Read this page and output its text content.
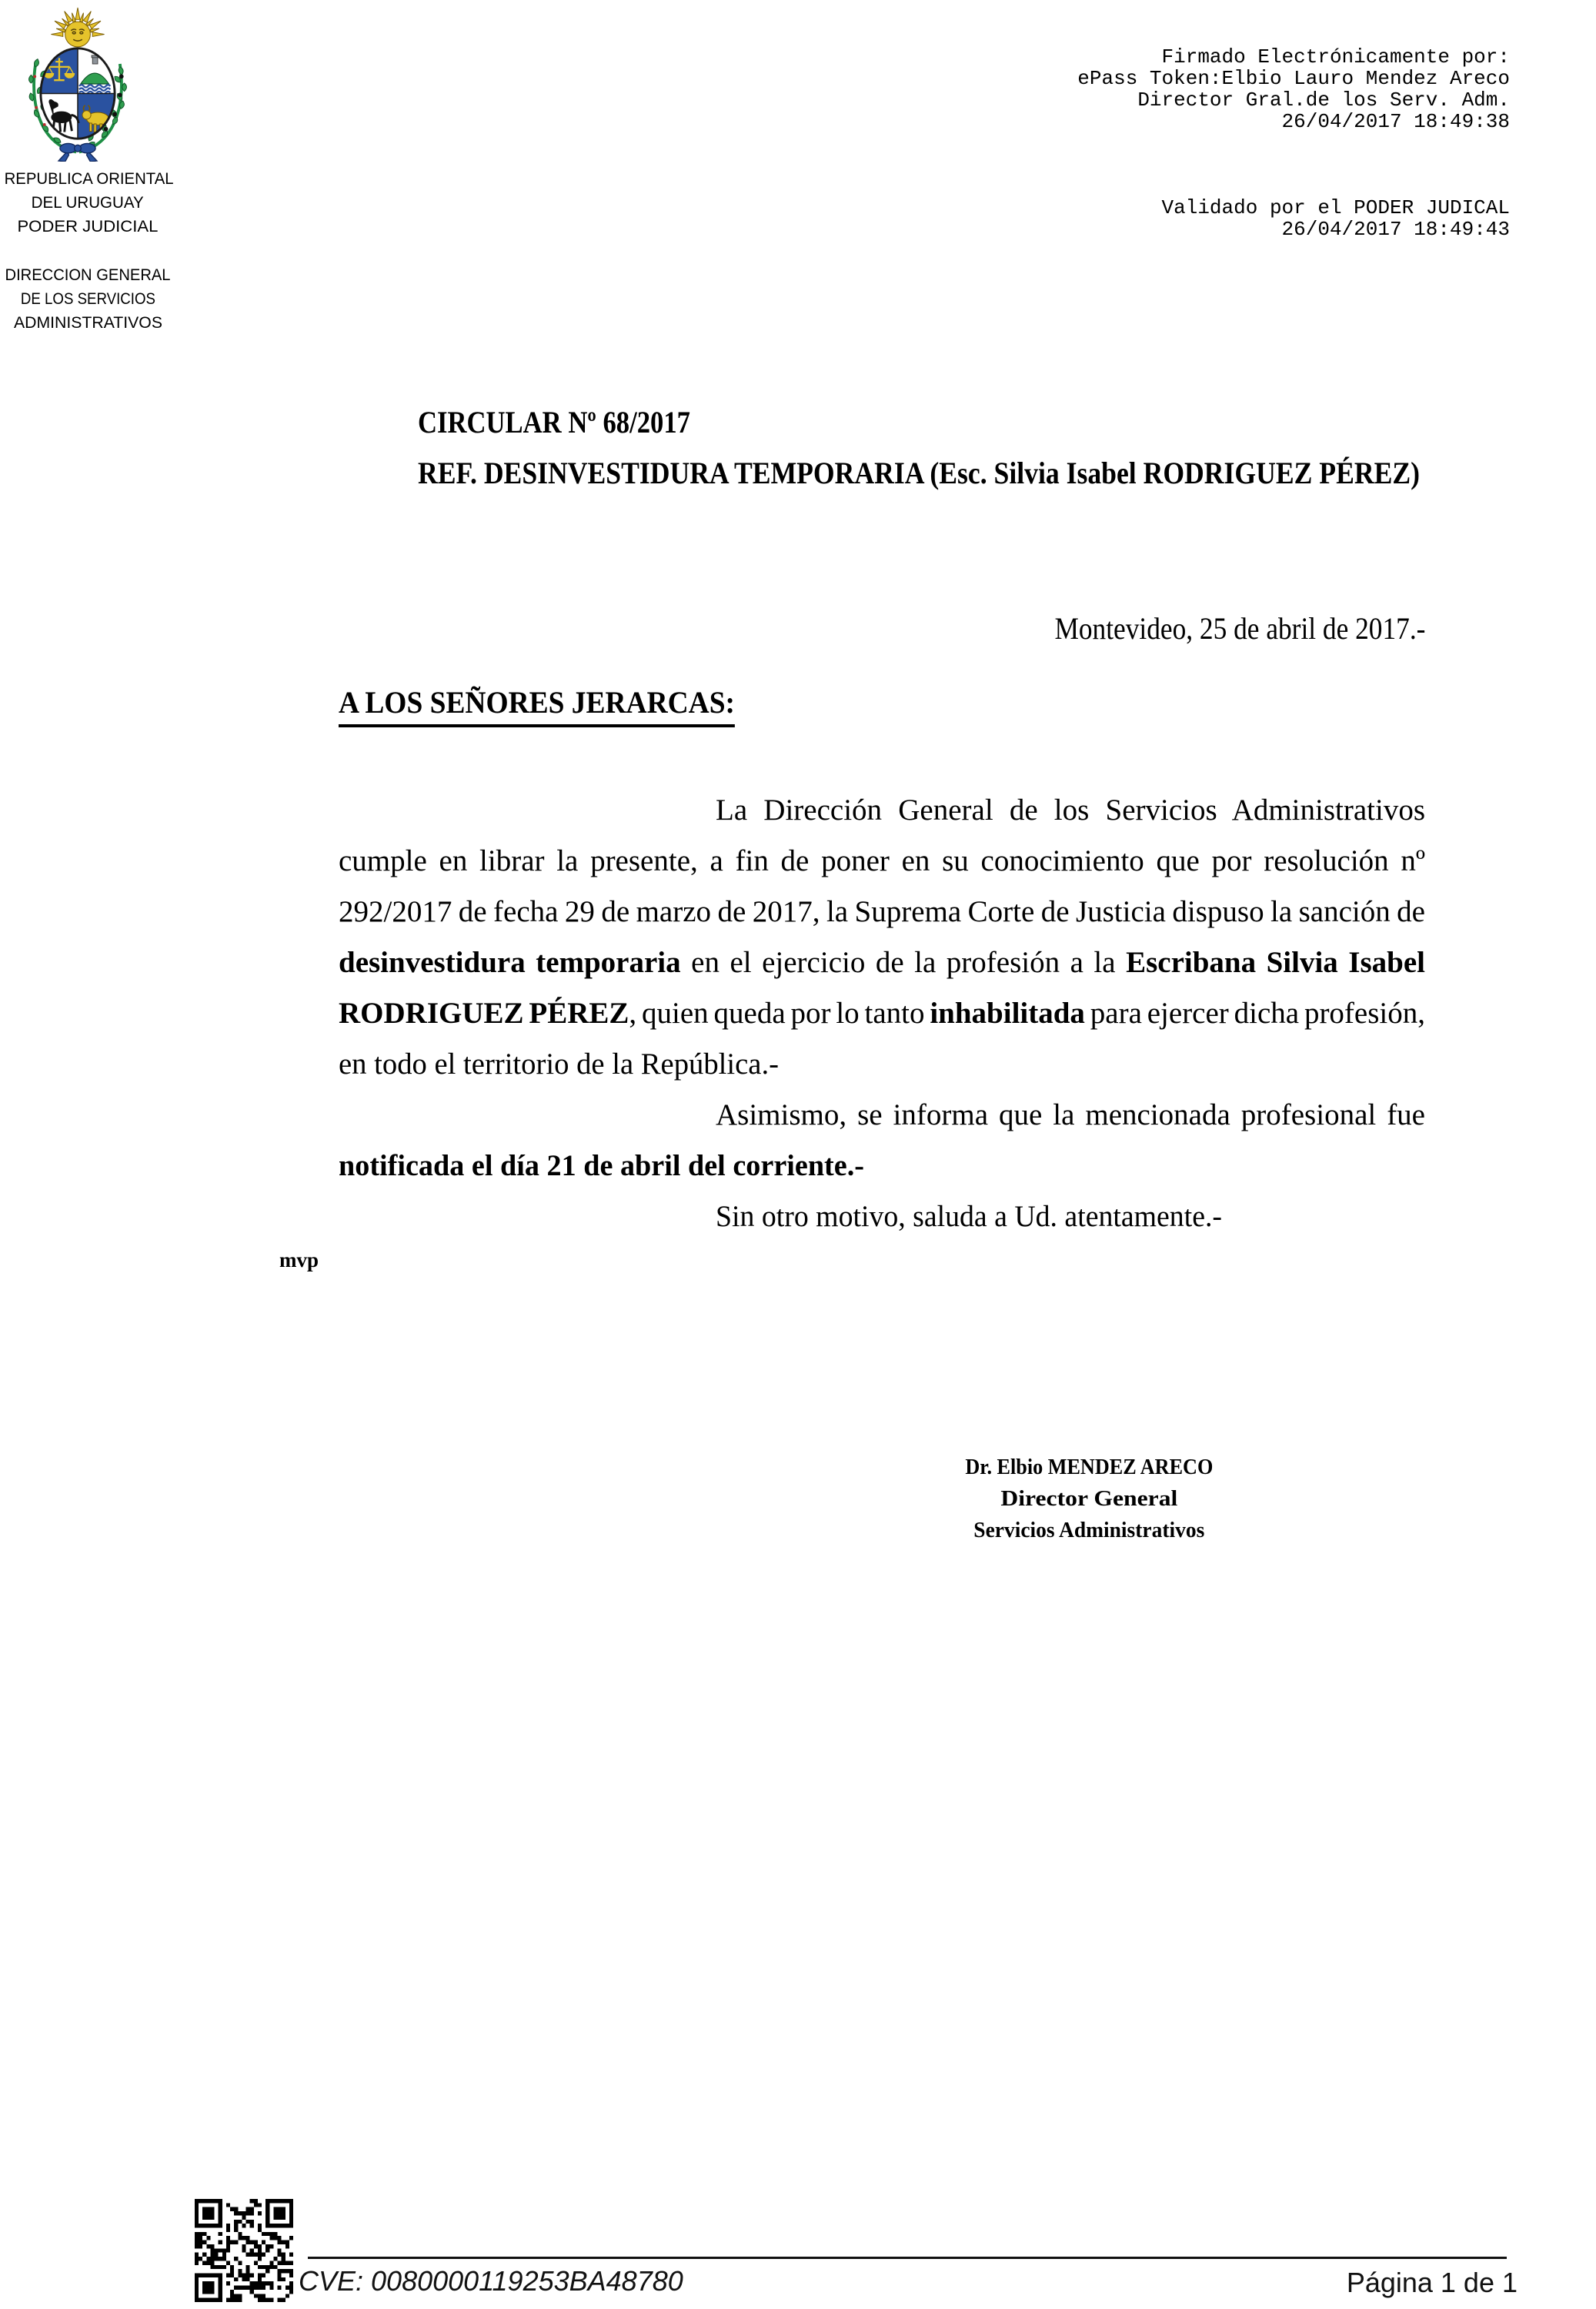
Firmado Electrónicamente por:
ePass Token:Elbio Lauro Mendez Areco
Director Gral.de los Serv. Adm.
26/04/2017 18:49:38

Validado por el PODER JUDICAL
26/04/2017 18:49:43

REPUBLICA ORIENTAL
DEL URUGUAY
PODER JUDICIAL
DIRECCION GENERAL
DE LOS SERVICIOS
ADMINISTRATIVOS
CIRCULAR Nº 68/2017
REF. DESINVESTIDURA TEMPORARIA (Esc. Silvia Isabel RODRIGUEZ PÉREZ)
Montevideo, 25 de abril de 2017.-
A LOS SEÑORES JERARCAS:
La Dirección General de los Servicios Administrativos
cumple en librar la presente, a fin de poner en su conocimiento que por resolución nº
292/2017 de fecha 29 de marzo de 2017, la Suprema Corte de Justicia dispuso la sanción de
desinvestidura temporaria en el ejercicio de la profesión a la Escribana Silvia Isabel
RODRIGUEZ PÉREZ, quien queda por lo tanto inhabilitada para ejercer dicha profesión,
en todo el territorio de la República.-
Asimismo, se informa que la mencionada profesional fue
notificada el día 21 de abril del corriente.-
Sin otro motivo, saluda a Ud. atentamente.-
mvp
Dr. Elbio MENDEZ ARECO
Director General
Servicios Administrativos
CVE: 0080000119253BA48780	Página 1 de 1
